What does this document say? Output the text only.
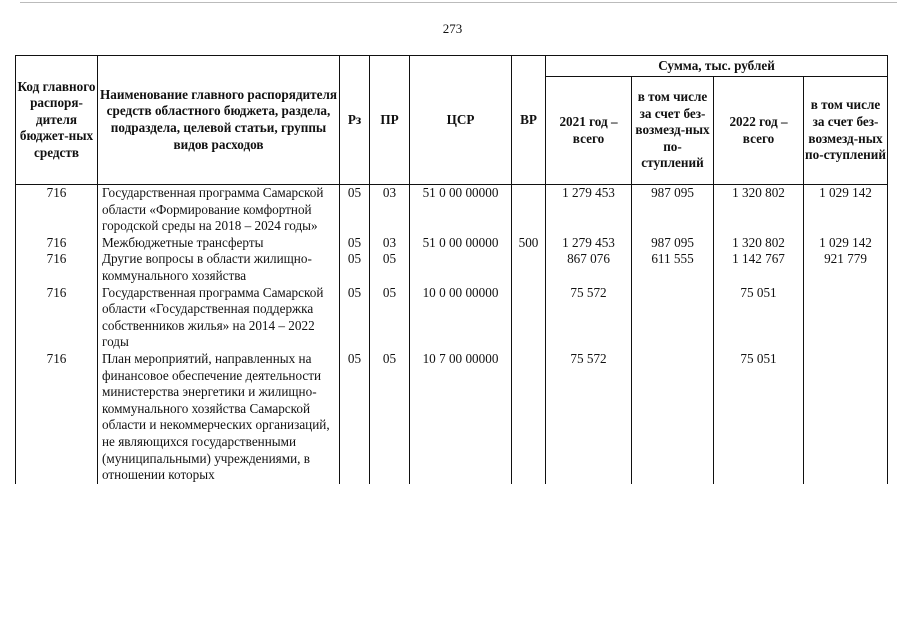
273
Код главного распоря-дителя бюджет-ных средств	Наименование главного распорядителя средств областного бюджета, раздела, подраздела, целевой статьи, группы видов расходов	Рз	ПР	ЦСР	ВР	Сумма, тыс. рублей			
						2021 год – всего	в том числе за счет без-возмезд-ных по-ступлений	2022 год – всего	в том числе за счет без-возмезд-ных по-ступлений
716	Государственная программа Самарской области «Формирование комфортной городской среды на 2018 – 2024 годы»	05	03	51 0 00 00000		1 279 453	987 095	1 320 802	1 029 142
716	Межбюджетные трансферты	05	03	51 0 00 00000	500	1 279 453	987 095	1 320 802	1 029 142
716	Другие вопросы в области жилищно-коммунального хозяйства	05	05			867 076	611 555	1 142 767	921 779
716	Государственная программа Самарской области «Государственная поддержка собственников жилья» на 2014 – 2022 годы	05	05	10 0 00 00000		75 572		75 051	
716	План мероприятий, направленных на финансовое обеспечение деятельности министерства энергетики и жилищно-коммунального хозяйства Самарской области и некоммерческих организаций, не являющихся государственными (муниципальными) учреждениями, в отношении которых	05	05	10 7 00 00000		75 572		75 051	
